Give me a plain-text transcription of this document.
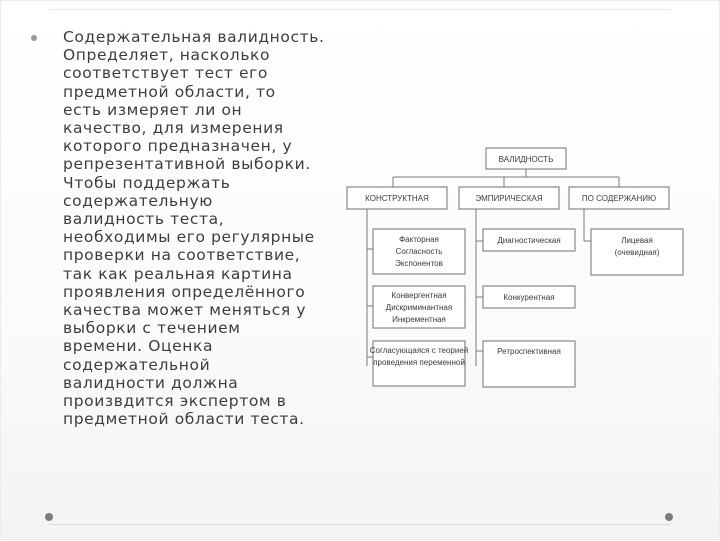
Содержательная валидность.
Определяет, насколько
соответствует тест его
предметной области, то
есть измеряет ли он
качество, для измерения
которого предназначен, у
репрезентативной выборки.
Чтобы поддержать
содержательную
валидность теста,
необходимы его регулярные
проверки на соответствие,
так как реальная картина
проявления определённого
качества может меняться у
выборки с течением
времени. Оценка
содержательной
валидности должна
произвдится экспертом в
предметной области теста.
ВАЛИДНОСТЬ
КОНСТРУКТНАЯ	ЭМПИРИЧЕСКАЯ	ПО СОДЕРЖАНИЮ
Факторная
Согласность
Экспонентов
Конвергентная
Дискриминантная
Инкрементная
Согласующаяся с теорией
проведения переменной
Диагностическая
Конкурентная
Ретроспективная
Лицевая
(очевидная)
